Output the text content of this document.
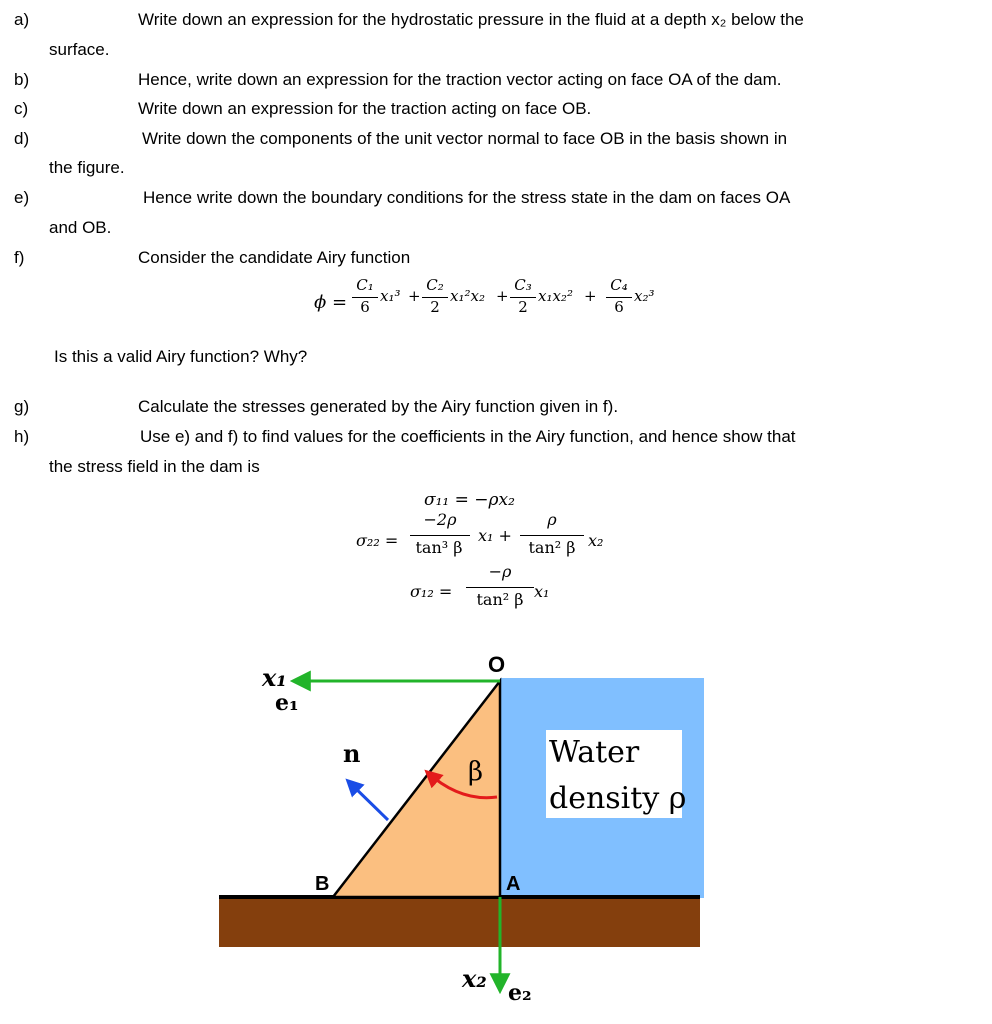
a)	Write down an expression for the hydrostatic pressure in the fluid at a depth x₂ below the
surface.
b)	Hence, write down an expression for the traction vector acting on face OA of the dam.
c)	Write down an expression for the traction acting on face OB.
d)	Write down the components of the unit vector normal to face OB in the basis shown in
the figure.
e)	Hence write down the boundary conditions for the stress state in the dam on faces OA
and OB.
f)	Consider the candidate Airy function
Is this a valid Airy function? Why?
g)	Calculate the stresses generated by the Airy function given in f).
h)	Use e) and f) to find values for the coefficients in the Airy function, and hence show that
the stress field in the dam is
ϕ =
C₁
6
x₁³ +
C₂
2
x₁²x₂ +
C₃
2
x₁x₂² +
C₄
6
x₂³
σ₁₁ = −ρx₂
σ₂₂ =
−2ρ
tan³ β
x₁ +
ρ
tan² β x₂
σ₁₂ =
−ρ
tan² β x₁
Water
density ρ
O
A
B
x₁
e₁
x₂ e₂
n
β
